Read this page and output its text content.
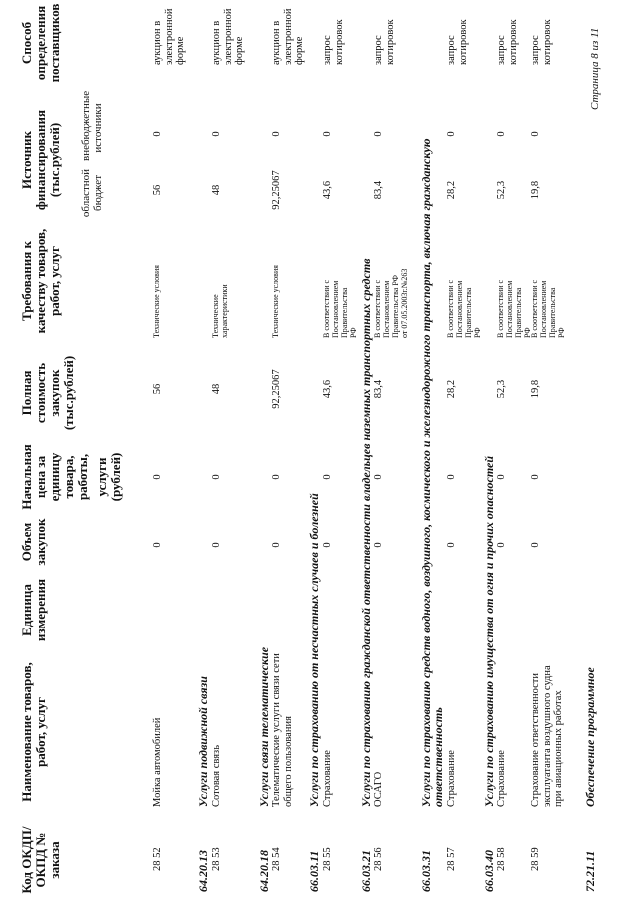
Код ОКДП/ ОКПД № заказа
Наименование товаров, работ, услуг
Единица измерения
Объем закупок
Начальная цена за единицу товара, работы, услуги (рублей)
Полная стоимость закупок (тыс.рублей)
Требования к качеству товаров, работ, услуг
Источник финансирования (тыс.рублей) областной бюджет
внебюджетные источники
Способ определения поставщиков
28 52
Мойка автомобилей
0
0
56
Технические условия
56
0
аукцион в электронной форме
64.20.13
Услуги подвижной связи
28 53
Сотовая связь
0
0
48
Технические характеристики
48
0
аукцион в электронной форме
64.20.18
Услуги связи телематические
28 54
Телематические услуги связи сети общего пользования
0
0
92,25067
Технические условия
92,25067
0
аукцион в электронной форме
66.03.11
Услуги по страхованию от несчастных случаев и болезней
28 55
Страхование
0
0
43,6
В соответствии с Постановлением Правительства РФ
43,6
0
запрос котировок
66.03.21
Услуги по страхованию гражданской ответственности владельцев наземных транспортных средств
28 56
ОСАГО
0
0
83,4
В соответствии с Постановлением Правительства РФ от 07.05.2003г.№263
83,4
0
запрос котировок
66.03.31
Услуги по страхованию средств водного, воздушного, космического и железнодорожного транспорта, включая гражданскую ответственность
28 57
Страхование
0
0
28,2
В соответствии с Постановлением Правительства РФ
28,2
0
запрос котировок
66.03.40
Услуги по страхованию имущества от огня и прочих опасностей
28 58
Страхование
0
0
52,3
В соответствии с Постановлением Правительства РФ
52,3
0
запрос котировок
28 59
Страхование ответственности эксплуатанта воздушного судна при авиационных работах
0
0
19,8
В соответствии с Постановлением Правительства РФ
19,8
0
запрос котировок
72.21.11
Обеспечение программное
Страница 8 из 11
